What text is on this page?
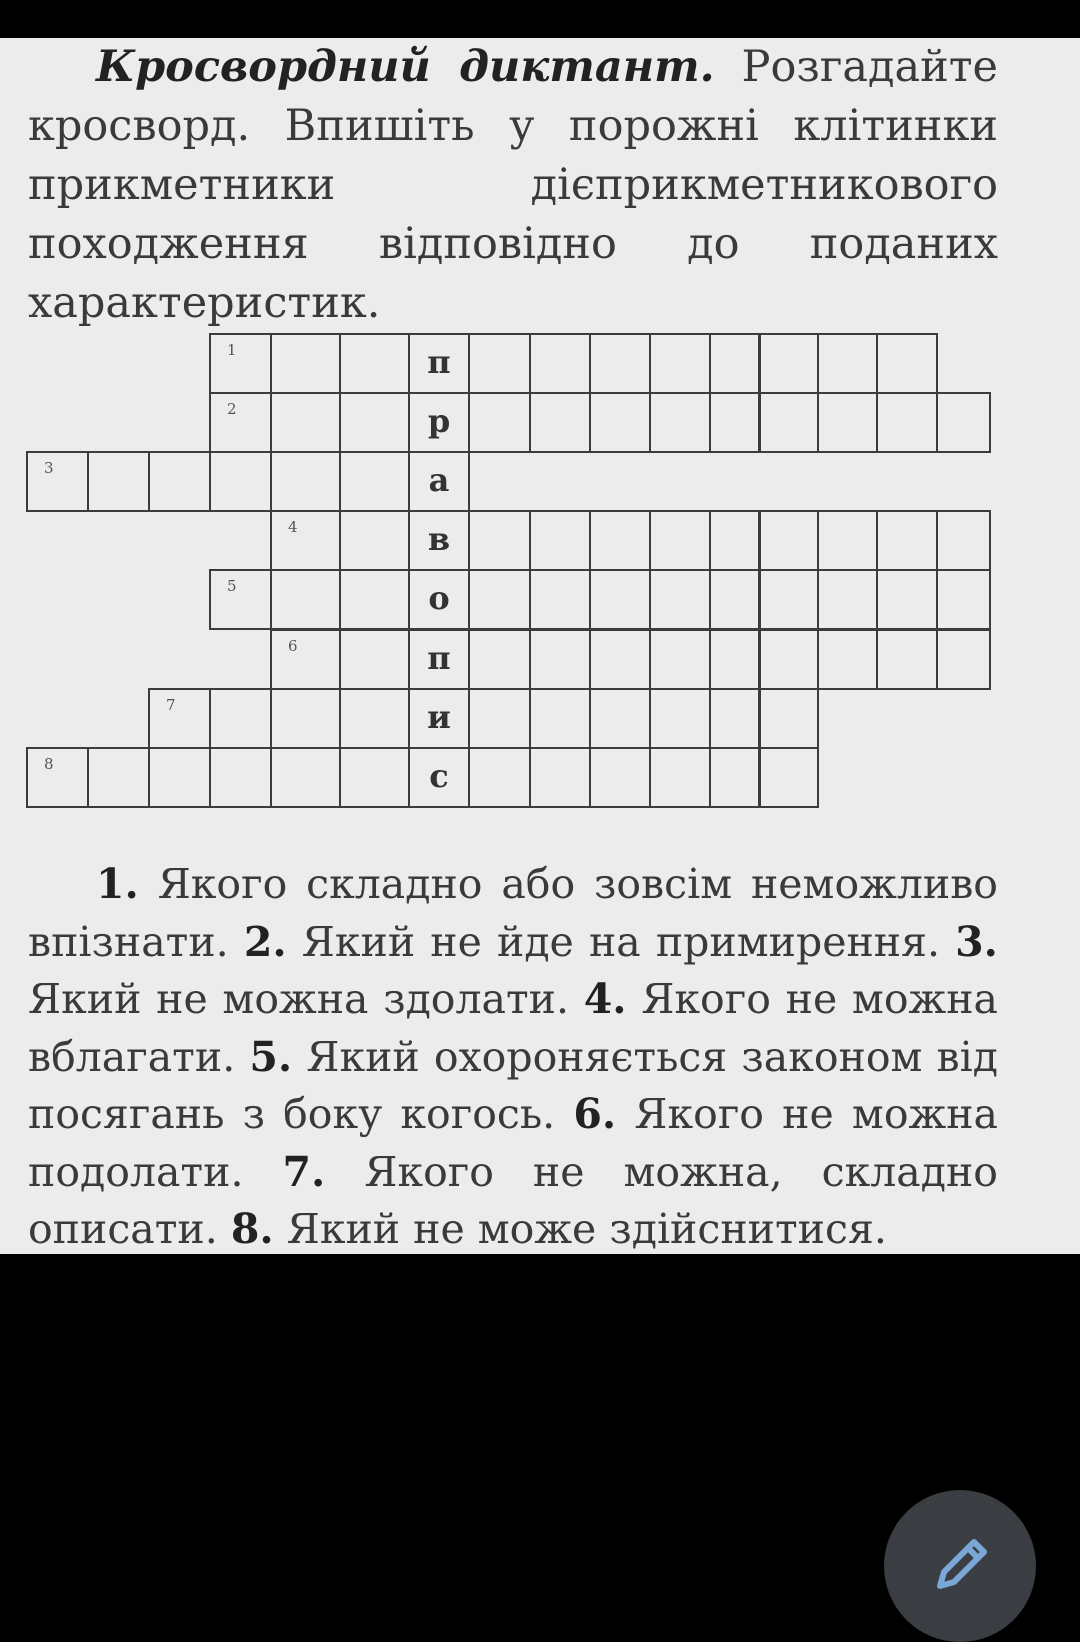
Кросвордний диктант. Розгадайте кросворд. Впишіть у порожні клітинки прикметники дієприкметникового походження відповідно до поданих характеристик.
1	п
2	р
3	а
4	в
5	о
6	п
7	и
8	с
1. Якого складно або зовсім неможливо впізнати. 2. Який не йде на примирення. 3. Який не можна здолати. 4. Якого не можна вблагати. 5. Який охороняється законом від посягань з боку когось. 6. Якого не можна подолати. 7. Якого не можна, складно описати. 8. Який не може здійснитися.
